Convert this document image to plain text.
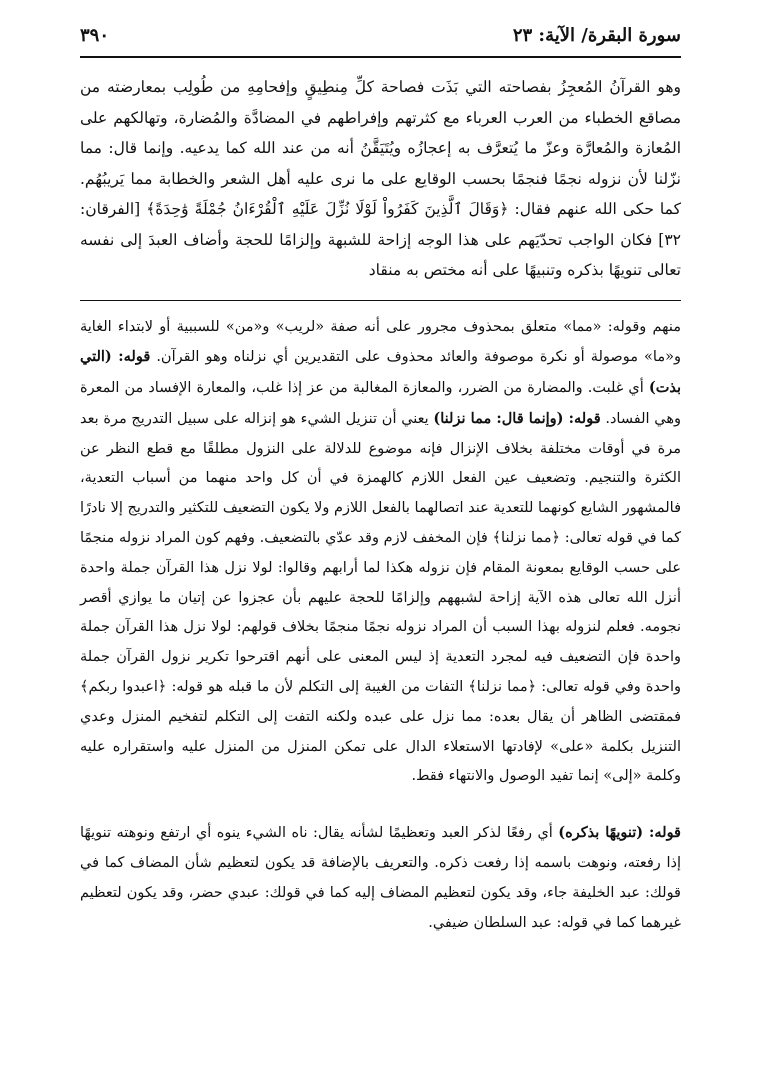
سورة البقرة/ الآية: ٢٣
٣٩٠

وهو القرآنُ المُعجِزُ بفصاحته التي بَذَت فصاحة كلِّ مِنطِيقٍ وإفحامِهِ من طُولِب بمعارضته من مصاقع الخطباء من العرب العرباء مع كثرتهم وإفراطهم في المضادَّة والمُضارة، وتهالكهم على المُعازة والمُعارَّة وعزّ ما يُتعرَّف به إعجازُه ويُتَيَقَّنُ أنه من عند الله كما يدعيه. وإنما قال: مما نزّلنا لأن نزوله نجمًا فنجمًا بحسب الوقايع على ما نرى عليه أهل الشعر والخطابة مما يَريبُهُم. كما حكى الله عنهم فقال: ﴿وَقَالَ ٱلَّذِينَ كَفَرُواْ لَوْلَا نُزِّلَ عَلَيْهِ ٱلْقُرْءَانُ جُمْلَةً وَٰحِدَةً﴾ [الفرقان: ٣٢] فكان الواجب تحدّيَهم على هذا الوجه إزاحة للشبهة وإلزامًا للحجة وأضاف العبدَ إلى نفسه تعالى تنويهًا بذكره وتنبيهًا على أنه مختص به منقاد

منهم وقوله: «مما» متعلق بمحذوف مجرور على أنه صفة «لريب» و«من» للسببية أو لابتداء الغاية و«ما» موصولة أو نكرة موصوفة والعائد محذوف على التقديرين أي نزلناه وهو القرآن. قوله: (التي بذت) أي غلبت. والمضارة من الضرر، والمعازة المغالبة من عز إذا غلب، والمعارة الإفساد من المعرة وهي الفساد. قوله: (وإنما قال: مما نزلنا) يعني أن تنزيل الشيء هو إنزاله على سبيل التدريج مرة بعد مرة في أوقات مختلفة بخلاف الإنزال فإنه موضوع للدلالة على النزول مطلقًا مع قطع النظر عن الكثرة والتنجيم. وتضعيف عين الفعل اللازم كالهمزة في أن كل واحد منهما من أسباب التعدية، فالمشهور الشايع كونهما للتعدية عند اتصالهما بالفعل اللازم ولا يكون التضعيف للتكثير والتدريج إلا نادرًا كما في قوله تعالى: ﴿مما نزلنا﴾ فإن المخفف لازم وقد عدّي بالتضعيف. وفهم كون المراد نزوله منجمًا على حسب الوقايع بمعونة المقام فإن نزوله هكذا لما أرابهم وقالوا: لولا نزل هذا القرآن جملة واحدة أنزل الله تعالى هذه الآية إزاحة لشبههم وإلزامًا للحجة عليهم بأن عجزوا عن إتيان ما يوازي أقصر نجومه. فعلم لنزوله بهذا السبب أن المراد نزوله نجمًا منجمًا بخلاف قولهم: لولا نزل هذا القرآن جملة واحدة فإن التضعيف فيه لمجرد التعدية إذ ليس المعنى على أنهم اقترحوا تكرير نزول القرآن جملة واحدة وفي قوله تعالى: ﴿مما نزلنا﴾ التفات من الغيبة إلى التكلم لأن ما قبله هو قوله: ﴿اعبدوا ربكم﴾ فمقتضى الظاهر أن يقال بعده: مما نزل على عبده ولكنه التفت إلى التكلم لتفخيم المنزل وعدي التنزيل بكلمة «على» لإفادتها الاستعلاء الدال على تمكن المنزل من المنزل عليه واستقراره عليه وكلمة «إلى» إنما تفيد الوصول والانتهاء فقط.

قوله: (تنويهًا بذكره) أي رفعًا لذكر العبد وتعظيمًا لشأنه يقال: ناه الشيء ينوه أي ارتفع ونوهته تنويهًا إذا رفعته، ونوهت باسمه إذا رفعت ذكره. والتعريف بالإضافة قد يكون لتعظيم شأن المضاف كما في قولك: عبد الخليفة جاء، وقد يكون لتعظيم المضاف إليه كما في قولك: عبدي حضر، وقد يكون لتعظيم غيرهما كما في قوله: عبد السلطان ضيفي.
